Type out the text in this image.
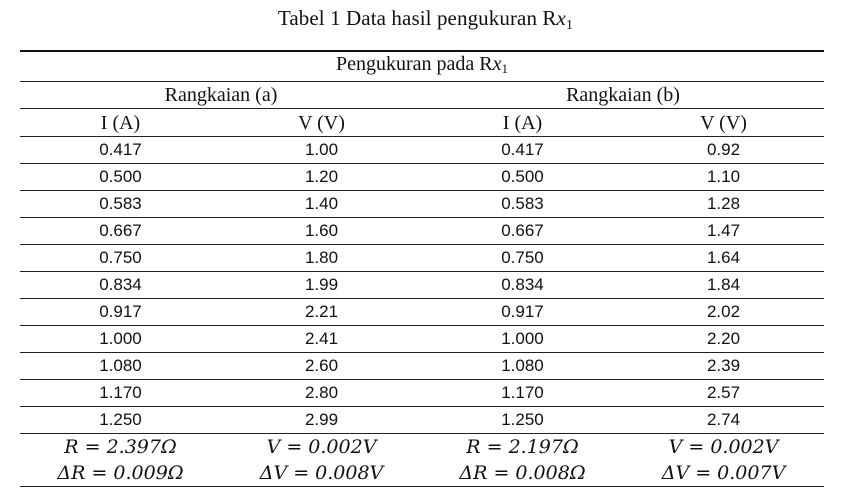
Tabel 1 Data hasil pengukuran $Rx_1$
Pengukuran pada $Rx_1$
Rangkaian (a)		Rangkaian (b)	
I (A)	V (V)	I (A)	V (V)
0.417	1.00	0.417	0.92
0.500	1.20	0.500	1.10
0.583	1.40	0.583	1.28
0.667	1.60	0.667	1.47
0.750	1.80	0.750	1.64
0.834	1.99	0.834	1.84
0.917	2.21	0.917	2.02
1.000	2.41	1.000	2.20
1.080	2.60	1.080	2.39
1.170	2.80	1.170	2.57
1.250	2.99	1.250	2.74
R = 2.397Ω	V = 0.002V	R = 2.197Ω	V = 0.002V
ΔR = 0.009Ω	ΔV = 0.008V	ΔR = 0.008Ω	ΔV = 0.007V
